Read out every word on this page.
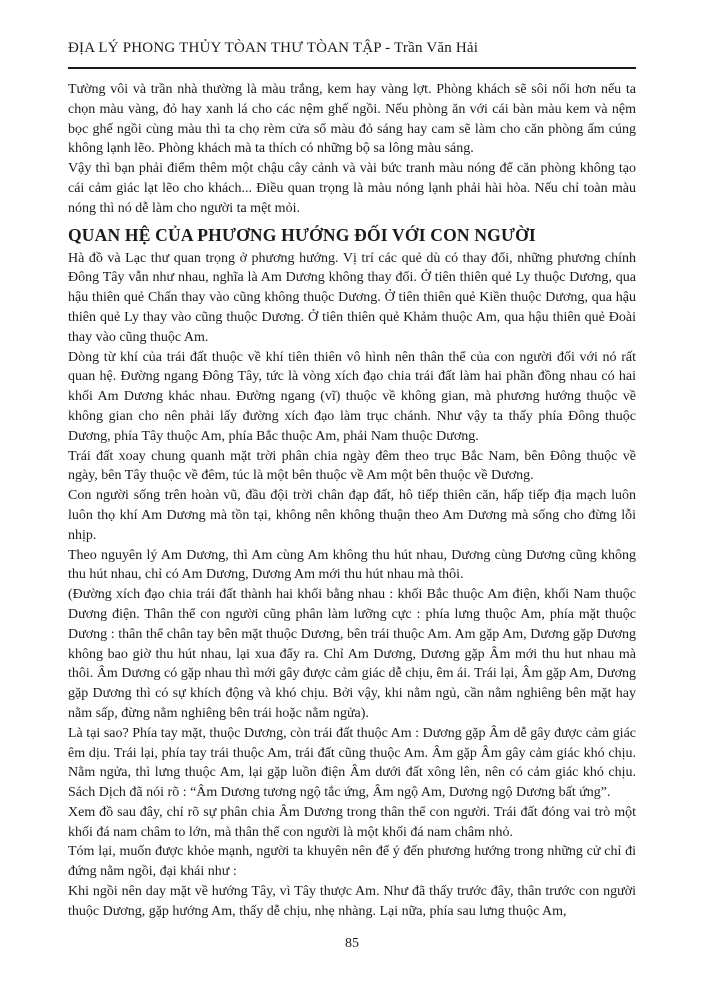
ĐỊA LÝ PHONG THỦY TÒAN THƯ TÒAN TẬP - Trần Văn Hải

Tường vôi và trần nhà thường là màu trắng, kem hay vàng lợt. Phòng khách sẽ sôi nổi hơn nếu ta chọn màu vàng, đỏ hay xanh lá cho các nệm ghế ngồi. Nếu phòng ăn với cái bàn màu kem và nệm bọc ghế ngồi cùng màu thì ta chọ rèm cửa sổ màu đỏ sáng hay cam sẽ làm cho căn phòng ấm cúng không lạnh lẽo. Phòng khách mà ta thích có những bộ sa lông màu sáng.

Vậy thì bạn phải điểm thêm một chậu cây cảnh và vài bức tranh màu nóng để căn phòng không tạo cái cảm giác lạt lẽo cho khách... Điều quan trọng là màu nóng lạnh phải hài hòa. Nếu chỉ toàn màu nóng thì nó dễ làm cho người ta mệt mỏi.

QUAN HỆ CỦA PHƯƠNG HƯỚNG ĐỐI VỚI CON NGƯỜI

Hà đồ và Lạc thư quan trọng ở phương hướng. Vị trí các quẻ dù có thay đổi, những phương chính Đông Tây vẫn như nhau, nghĩa là Am Dương không thay đổi. Ở tiên thiên quẻ Ly thuộc Dương, qua hậu thiên quẻ Chấn thay vào cũng không thuộc Dương. Ở tiên thiên quẻ Kiền thuộc Dương, qua hậu thiên quẻ Ly thay vào cũng thuộc Dương. Ở tiên thiên quẻ Khảm thuộc Am, qua hậu thiên quẻ Đoài thay vào cũng thuộc Am.

Dòng từ khí của trái đất thuộc về khí tiên thiên vô hình nên thân thể của con người đối với nó rất quan hệ. Đường ngang Đông Tây, tức là vòng xích đạo chia trái đất làm hai phần đồng nhau có hai khối Am Dương khác nhau. Đường ngang (vĩ) thuộc về không gian, mà phương hướng thuộc về không gian cho nên phải lấy đường xích đạo làm trục chánh. Như vậy ta thấy phía Đông thuộc Dương, phía Tây thuộc Am, phía Bắc thuộc Am, phải Nam thuộc Dương.

Trái đất xoay chung quanh mặt trời phân chia ngày đêm theo trục Bắc Nam, bên Đông thuộc về ngày, bên Tây thuộc về đêm, túc là một bên thuộc về Am một bên thuộc về Dương.

Con người sống trên hoàn vũ, đầu đội trời chân đạp đất, hô tiếp thiên căn, hấp tiếp địa mạch luôn luôn thọ khí Am Dương mà tồn tại, không nên không thuận theo Am Dương mà sống cho đừng lỗi nhịp.

Theo nguyên lý Am Dương, thì Am cùng Am không thu hút nhau, Dương cùng Dương cũng không thu hút nhau, chỉ có Am Dương, Dương Am mới thu hút nhau mà thôi.

(Đường xích đạo chia trái đất thành hai khối bằng nhau : khối Bắc thuộc Am điện, khối Nam thuộc Dương điện. Thân thể con người cũng phân làm lưỡng cực : phía lưng thuộc Am, phía mặt thuộc Dương : thân thể chân tay bên mặt thuộc Dương, bên trái thuộc Am. Am gặp Am, Dương gặp Dương không bao giờ thu hút nhau, lại xua đẩy ra. Chỉ Am Dương, Dương gặp Âm mới thu hut nhau mà thôi. Âm Dương có gặp nhau thì mới gây được cảm giác dễ chịu, êm ái. Trái lại, Âm gặp Am, Dương gặp Dương thì có sự khích động và khó chịu. Bởi vậy, khi nằm ngủ, cần nằm nghiêng bên mặt hay nằm sấp, đừng nằm nghiêng bên trái hoặc nằm ngửa).

Là tại sao? Phía tay mặt, thuộc Dương, còn trái đất thuộc Am : Dương gặp Âm dễ gây được cảm giác êm dịu. Trái lại, phía tay trái thuộc Am, trái đất cũng thuộc Am. Âm gặp Âm gây cảm giác khó chịu. Nằm ngửa, thì lưng thuộc Am, lại gặp luồn điện Âm dưới đất xông lên, nên có cảm giác khó chịu. Sách Dịch đã nói rõ : “Âm Dương tương ngộ tắc ứng, Âm ngộ Am, Dương ngộ Dương bất ứng”.

Xem đồ sau đây, chỉ rõ sự phân chia Âm Dương trong thân thể con người. Trái đất đóng vai trò một khối đá nam châm to lớn, mà thân thể con người là một khối đá nam châm nhỏ.

Tóm lại, muốn được khỏe mạnh, người ta khuyên nên để ý đến phương hướng trong những cử chỉ đi đứng nằm ngồi, đại khái như :

Khi ngồi nên day mặt về hướng Tây, vì Tây thược Am. Như đã thấy trước đây, thân trước con người thuộc Dương, gặp hướng Am, thấy dễ chịu, nhẹ nhàng. Lại nữa, phía sau lưng thuộc Am,

85
